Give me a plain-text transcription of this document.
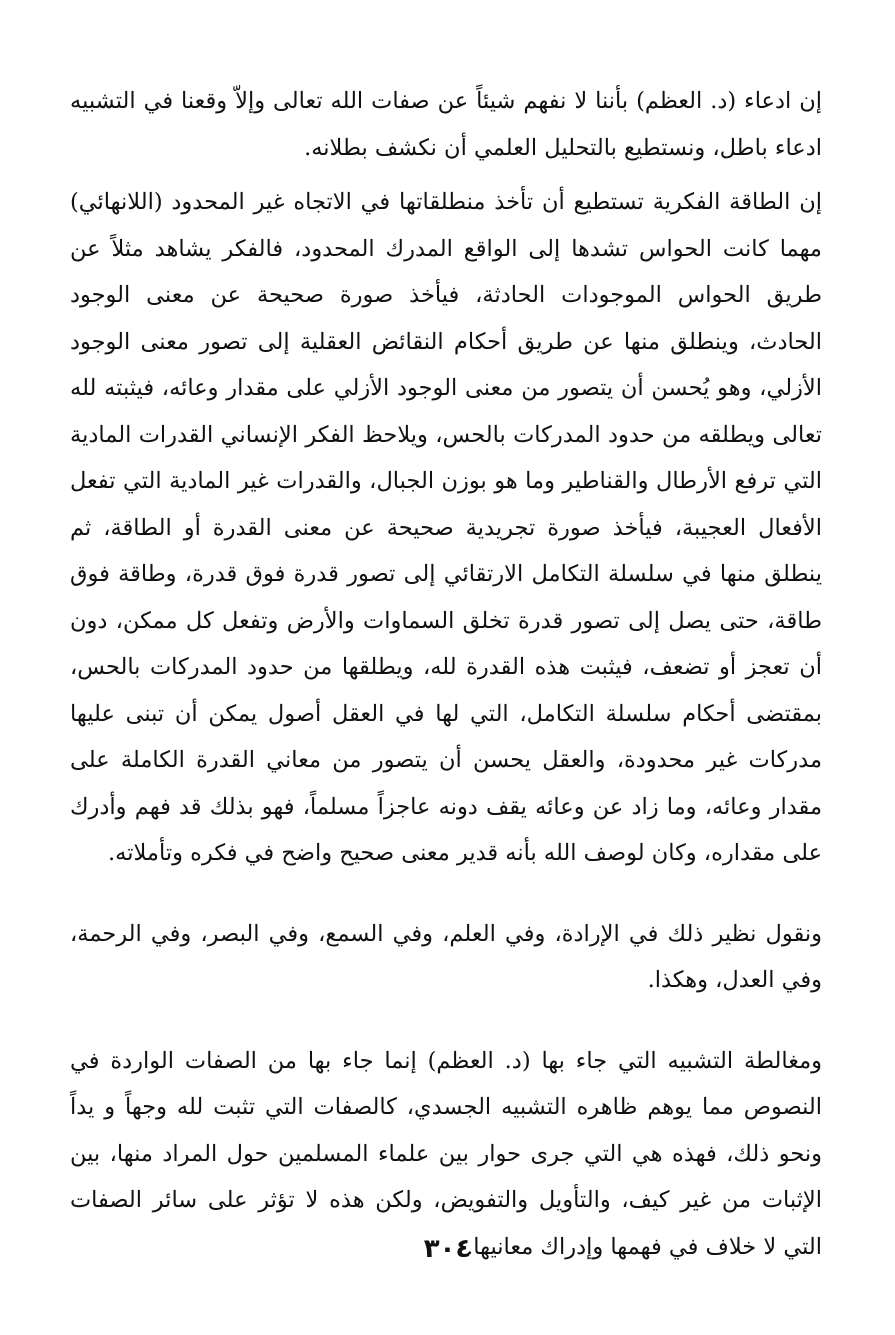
إن ادعاء (د. العظم) بأننا لا نفهم شيئاً عن صفات الله تعالى وإلاّ وقعنا في التشبيه ادعاء باطل، ونستطيع بالتحليل العلمي أن نكشف بطلانه.

إن الطاقة الفكرية تستطيع أن تأخذ منطلقاتها في الاتجاه غير المحدود (اللانهائي) مهما كانت الحواس تشدها إلى الواقع المدرك المحدود، فالفكر يشاهد مثلاً عن طريق الحواس الموجودات الحادثة، فيأخذ صورة صحيحة عن معنى الوجود الحادث، وينطلق منها عن طريق أحكام النقائض العقلية إلى تصور معنى الوجود الأزلي، وهو يُحسن أن يتصور من معنى الوجود الأزلي على مقدار وعائه، فيثبته لله تعالى ويطلقه من حدود المدركات بالحس، ويلاحظ الفكر الإنساني القدرات المادية التي ترفع الأرطال والقناطير وما هو بوزن الجبال، والقدرات غير المادية التي تفعل الأفعال العجيبة، فيأخذ صورة تجريدية صحيحة عن معنى القدرة أو الطاقة، ثم ينطلق منها في سلسلة التكامل الارتقائي إلى تصور قدرة فوق قدرة، وطاقة فوق طاقة، حتى يصل إلى تصور قدرة تخلق السماوات والأرض وتفعل كل ممكن، دون أن تعجز أو تضعف، فيثبت هذه القدرة لله، ويطلقها من حدود المدركات بالحس، بمقتضى أحكام سلسلة التكامل، التي لها في العقل أصول يمكن أن تبنى عليها مدركات غير محدودة، والعقل يحسن أن يتصور من معاني القدرة الكاملة على مقدار وعائه، وما زاد عن وعائه يقف دونه عاجزاً مسلماً، فهو بذلك قد فهم وأدرك على مقداره، وكان لوصف الله بأنه قدير معنى صحيح واضح في فكره وتأملاته.

ونقول نظير ذلك في الإرادة، وفي العلم، وفي السمع، وفي البصر، وفي الرحمة، وفي العدل، وهكذا.

ومغالطة التشبيه التي جاء بها (د. العظم) إنما جاء بها من الصفات الواردة في النصوص مما يوهم ظاهره التشبيه الجسدي، كالصفات التي تثبت لله وجهاً و يداً ونحو ذلك، فهذه هي التي جرى حوار بين علماء المسلمين حول المراد منها، بين الإثبات من غير كيف، والتأويل والتفويض، ولكن هذه لا تؤثر على سائر الصفات التي لا خلاف في فهمها وإدراك معانيها.

٣٠٤
